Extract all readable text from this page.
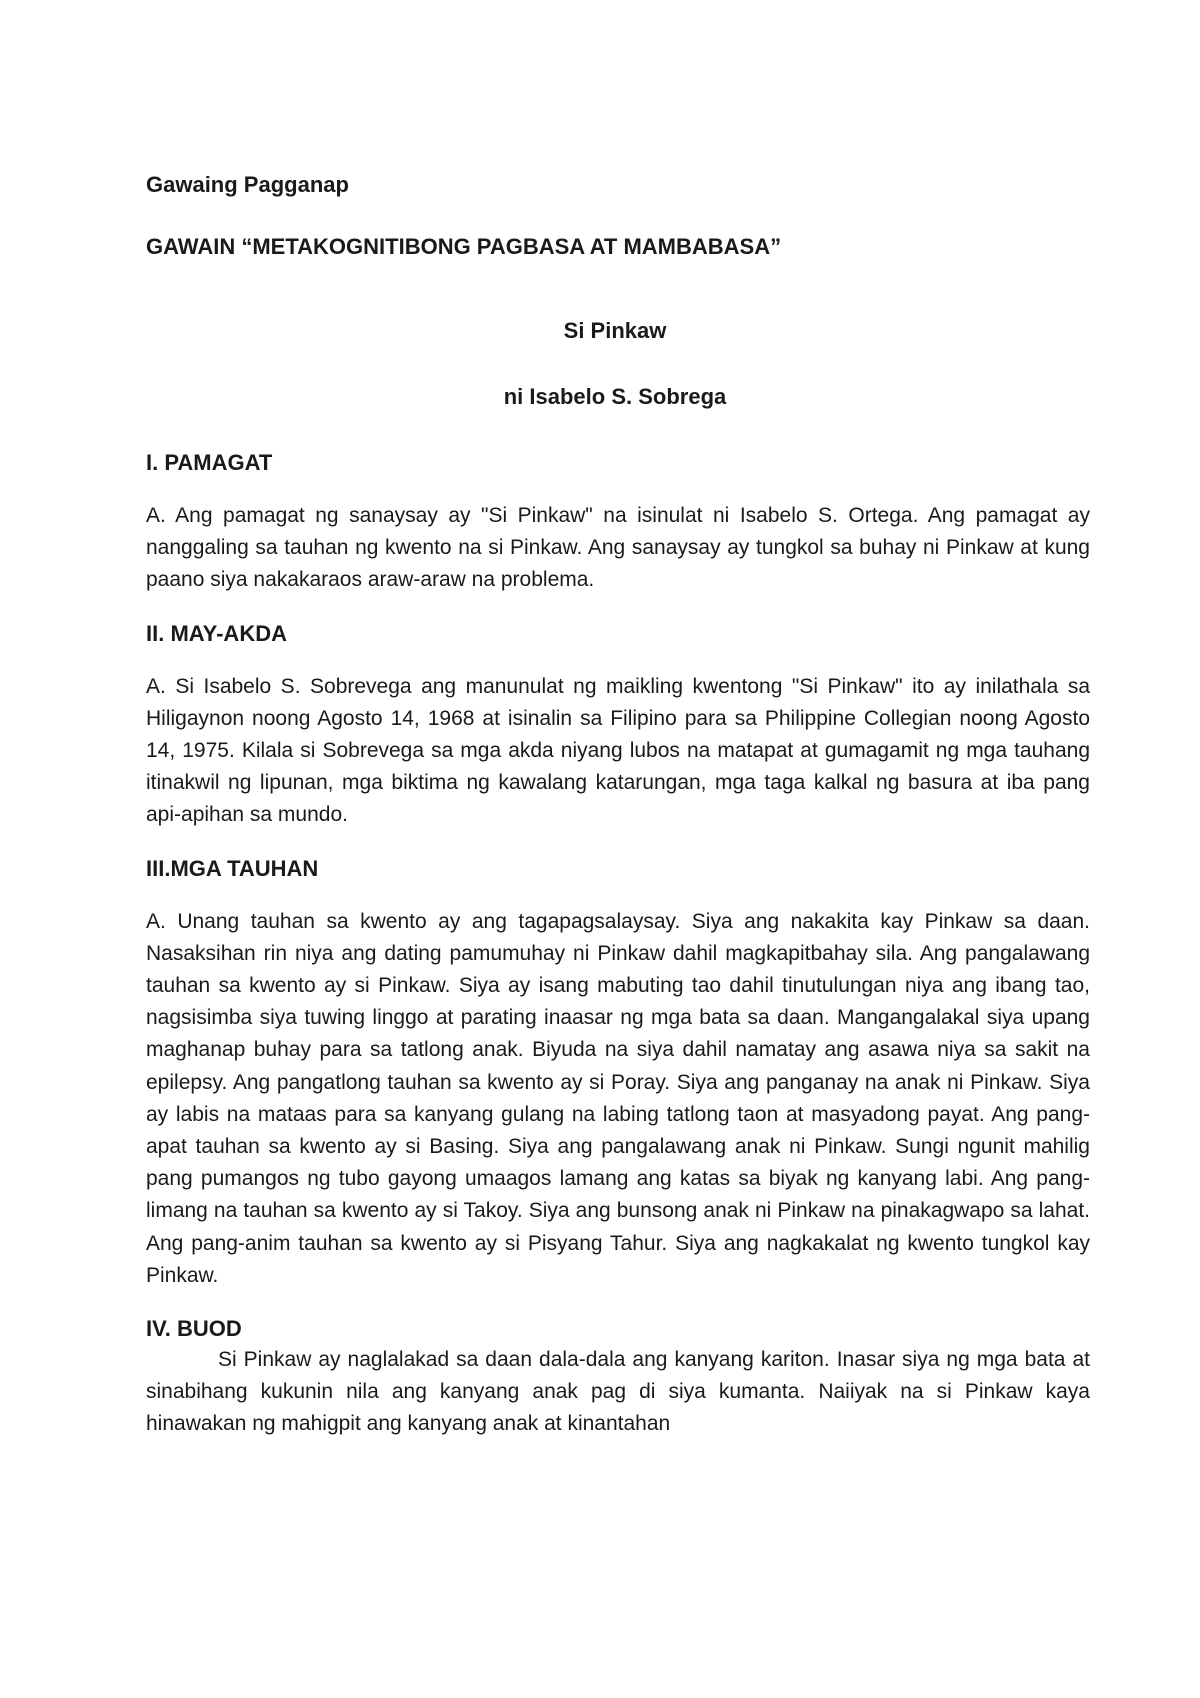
Gawaing Pagganap

GAWAIN “METAKOGNITIBONG PAGBASA AT MAMBABASA”

Si Pinkaw

ni Isabelo S. Sobrega

I. PAMAGAT

A. Ang pamagat ng sanaysay ay "Si Pinkaw" na isinulat ni Isabelo S. Ortega. Ang pamagat ay nanggaling sa tauhan ng kwento na si Pinkaw. Ang sanaysay ay tungkol sa buhay ni Pinkaw at kung paano siya nakakaraos araw-araw na problema.

II. MAY-AKDA

A. Si Isabelo S. Sobrevega ang manunulat ng maikling kwentong "Si Pinkaw" ito ay inilathala sa Hiligaynon noong Agosto 14, 1968 at isinalin sa Filipino para sa Philippine Collegian noong Agosto 14, 1975. Kilala si Sobrevega sa mga akda niyang lubos na matapat at gumagamit ng mga tauhang itinakwil ng lipunan, mga biktima ng kawalang katarungan, mga taga kalkal ng basura at iba pang api-apihan sa mundo.

III.MGA TAUHAN

A. Unang tauhan sa kwento ay ang tagapagsalaysay. Siya ang nakakita kay Pinkaw sa daan. Nasaksihan rin niya ang dating pamumuhay ni Pinkaw dahil magkapitbahay sila. Ang pangalawang tauhan sa kwento ay si Pinkaw. Siya ay isang mabuting tao dahil tinutulungan niya ang ibang tao, nagsisimba siya tuwing linggo at parating inaasar ng mga bata sa daan. Mangangalakal siya upang maghanap buhay para sa tatlong anak. Biyuda na siya dahil namatay ang asawa niya sa sakit na epilepsy. Ang pangatlong tauhan sa kwento ay si Poray. Siya ang panganay na anak ni Pinkaw. Siya ay labis na mataas para sa kanyang gulang na labing tatlong taon at masyadong payat. Ang pang-apat tauhan sa kwento ay si Basing. Siya ang pangalawang anak ni Pinkaw. Sungi ngunit mahilig pang pumangos ng tubo gayong umaagos lamang ang katas sa biyak ng kanyang labi. Ang pang-limang na tauhan sa kwento ay si Takoy. Siya ang bunsong anak ni Pinkaw na pinakagwapo sa lahat. Ang pang-anim tauhan sa kwento ay si Pisyang Tahur. Siya ang nagkakalat ng kwento tungkol kay Pinkaw.

IV. BUOD

Si Pinkaw ay naglalakad sa daan dala-dala ang kanyang kariton. Inasar siya ng mga bata at sinabihang kukunin nila ang kanyang anak pag di siya kumanta. Naiiyak na si Pinkaw kaya hinawakan ng mahigpit ang kanyang anak at kinantahan
